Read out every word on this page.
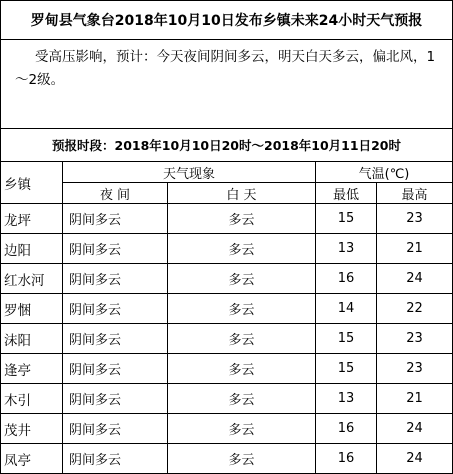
罗甸县气象台2018年10月10日发布乡镇未来24小时天气预报				
受高压影响，预计：今天夜间阴间多云，明天白天多云，偏北风，1～2级。				
预报时段：2018年10月10日20时～2018年10月11日20时				
乡镇	天气现象		气温(℃)	
	夜 间	白 天	最低	最高
龙坪	阴间多云	多云	15	23
边阳	阴间多云	多云	13	21
红水河	阴间多云	多云	16	24
罗悃	阴间多云	多云	14	22
沫阳	阴间多云	多云	15	23
逢亭	阴间多云	多云	15	23
木引	阴间多云	多云	13	21
茂井	阴间多云	多云	16	24
凤亭	阴间多云	多云	16	24
